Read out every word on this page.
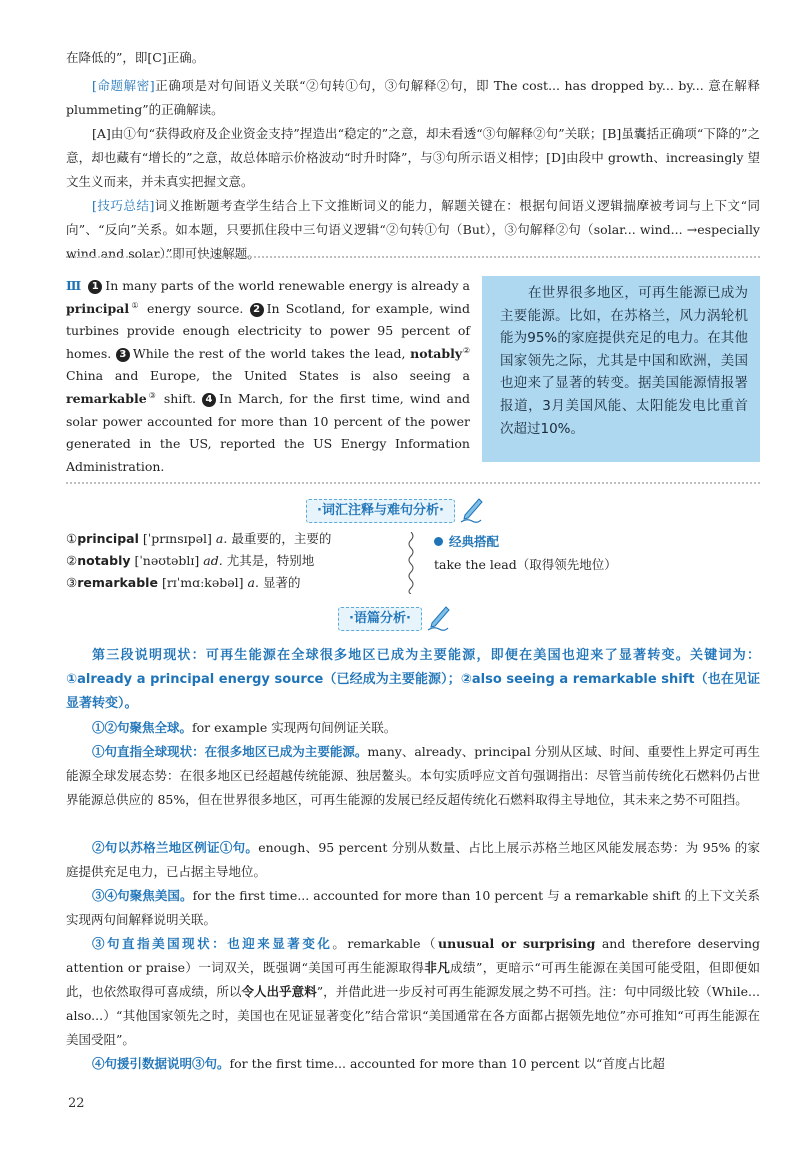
在降低的”，即[C]正确。

[命题解密]正确项是对句间语义关联“②句转①句，③句解释②句，即 The cost... has dropped by... by... 意在解释 plummeting”的正确解读。

[A]由①句“获得政府及企业资金支持”捏造出“稳定的”之意，却未看透“③句解释②句”关联；[B]虽囊括正确项“下降的”之意，却也藏有“增长的”之意，故总体暗示价格波动“时升时降”，与③句所示语义相悖；[D]由段中 growth、increasingly 望文生义而来，并未真实把握文意。

[技巧总结]词义推断题考查学生结合上下文推断词义的能力，解题关键在：根据句间语义逻辑揣摩被考词与上下文“同向”、“反向”关系。如本题，只要抓住段中三句语义逻辑“②句转①句（But），③句解释②句（solar... wind... →especially wind and solar）”即可快速解题。

Ⅲ 1 In many parts of the world renewable energy is already a principal① energy source. 2 In Scotland, for example, wind turbines provide enough electricity to power 95 percent of homes. 3 While the rest of the world takes the lead, notably② China and Europe, the United States is also seeing a remarkable③ shift. 4 In March, for the first time, wind and solar power accounted for more than 10 percent of the power generated in the US, reported the US Energy Information Administration.
在世界很多地区，可再生能源已成为主要能源。比如，在苏格兰，风力涡轮机能为95%的家庭提供充足的电力。在其他国家领先之际，尤其是中国和欧洲，美国也迎来了显著的转变。据美国能源情报署报道，3月美国风能、太阳能发电比重首次超过10%。
·词汇注释与难句分析·
①principal [ˈprɪnsɪpəl] a. 最重要的，主要的
②notably [ˈnəʊtəblɪ] ad. 尤其是，特别地
③remarkable [rɪˈmɑːkəbəl] a. 显著的
经典搭配
take the lead（取得领先地位）
·语篇分析·

第三段说明现状：可再生能源在全球很多地区已成为主要能源，即便在美国也迎来了显著转变。关键词为：①already a principal energy source（已经成为主要能源）；②also seeing a remarkable shift（也在见证显著转变）。

①②句聚焦全球。for example 实现两句间例证关联。

①句直指全球现状：在很多地区已成为主要能源。many、already、principal 分别从区域、时间、重要性上界定可再生能源全球发展态势：在很多地区已经超越传统能源、独居鳌头。本句实质呼应文首句强调指出：尽管当前传统化石燃料仍占世界能源总供应的 85%，但在世界很多地区，可再生能源的发展已经反超传统化石燃料取得主导地位，其未来之势不可阻挡。

②句以苏格兰地区例证①句。enough、95 percent 分别从数量、占比上展示苏格兰地区风能发展态势：为 95% 的家庭提供充足电力，已占据主导地位。

③④句聚焦美国。for the first time... accounted for more than 10 percent 与 a remarkable shift 的上下文关系实现两句间解释说明关联。

③句直指美国现状：也迎来显著变化。remarkable（unusual or surprising and therefore deserving attention or praise）一词双关，既强调“美国可再生能源取得非凡成绩”，更暗示“可再生能源在美国可能受阻，但即便如此，也依然取得可喜成绩，所以令人出乎意料”，并借此进一步反衬可再生能源发展之势不可挡。注：句中同级比较（While... also...）“其他国家领先之时，美国也在见证显著变化”结合常识“美国通常在各方面都占据领先地位”亦可推知“可再生能源在美国受阻”。

④句援引数据说明③句。for the first time... accounted for more than 10 percent 以“首度占比超

22
